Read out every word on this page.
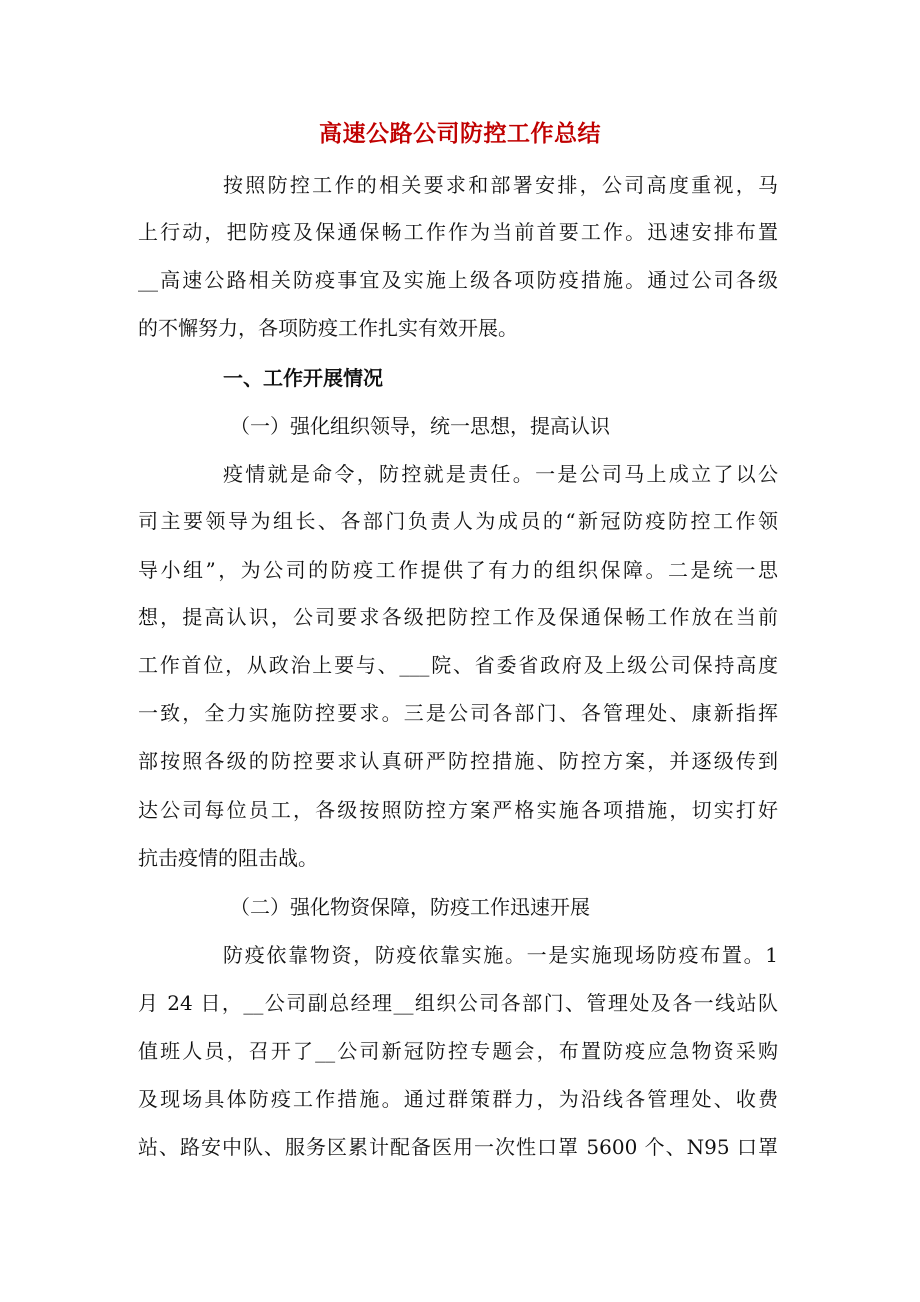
高速公路公司防控工作总结
按照防控工作的相关要求和部署安排，公司高度重视，马
上行动，把防疫及保通保畅工作作为当前首要工作。迅速安排布置
__高速公路相关防疫事宜及实施上级各项防疫措施。通过公司各级
的不懈努力，各项防疫工作扎实有效开展。
一、工作开展情况
（一）强化组织领导，统一思想，提高认识
疫情就是命令，防控就是责任。一是公司马上成立了以公
司主要领导为组长、各部门负责人为成员的“新冠防疫防控工作领
导小组”，为公司的防疫工作提供了有力的组织保障。二是统一思
想，提高认识，公司要求各级把防控工作及保通保畅工作放在当前
工作首位，从政治上要与、___院、省委省政府及上级公司保持高度
一致，全力实施防控要求。三是公司各部门、各管理处、康新指挥
部按照各级的防控要求认真研严防控措施、防控方案，并逐级传到
达公司每位员工，各级按照防控方案严格实施各项措施，切实打好
抗击疫情的阻击战。
（二）强化物资保障，防疫工作迅速开展
防疫依靠物资，防疫依靠实施。一是实施现场防疫布置。1
月 24 日，__公司副总经理__组织公司各部门、管理处及各一线站队
值班人员，召开了__公司新冠防控专题会，布置防疫应急物资采购
及现场具体防疫工作措施。通过群策群力，为沿线各管理处、收费
站、路安中队、服务区累计配备医用一次性口罩 5600 个、N95 口罩
